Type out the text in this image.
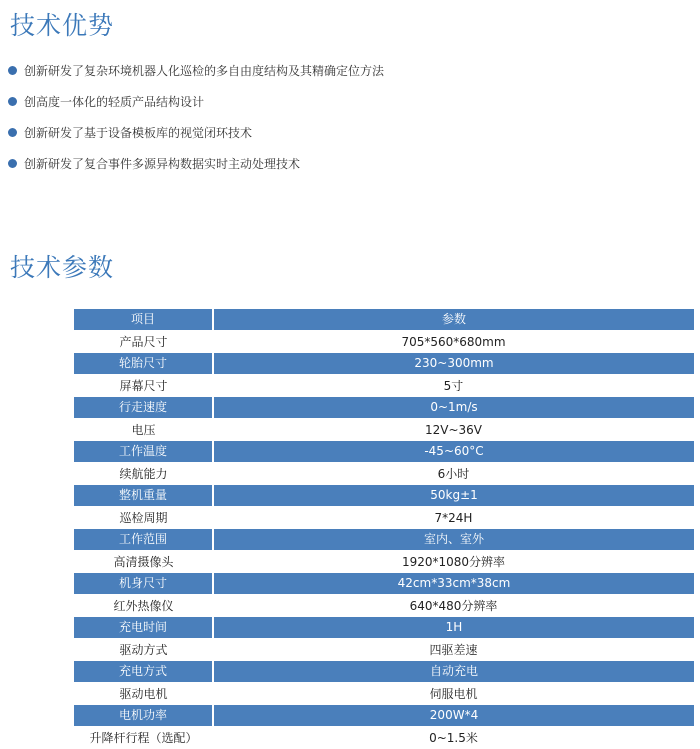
技术优势
创新研发了复杂环境机器人化巡检的多自由度结构及其精确定位方法
创高度一体化的轻质产品结构设计
创新研发了基于设备模板库的视觉闭环技术
创新研发了复合事件多源异构数据实时主动处理技术
技术参数
项目	参数
产品尺寸	705*560*680mm
轮胎尺寸	230~300mm
屏幕尺寸	5寸
行走速度	0~1m/s
电压	12V~36V
工作温度	-45~60°C
续航能力	6小时
整机重量	50kg±1
巡检周期	7*24H
工作范围	室内、室外
高清摄像头	1920*1080分辨率
机身尺寸	42cm*33cm*38cm
红外热像仪	640*480分辨率
充电时间	1H
驱动方式	四驱差速
充电方式	自动充电
驱动电机	伺服电机
电机功率	200W*4
升降杆行程（选配）	0~1.5米
